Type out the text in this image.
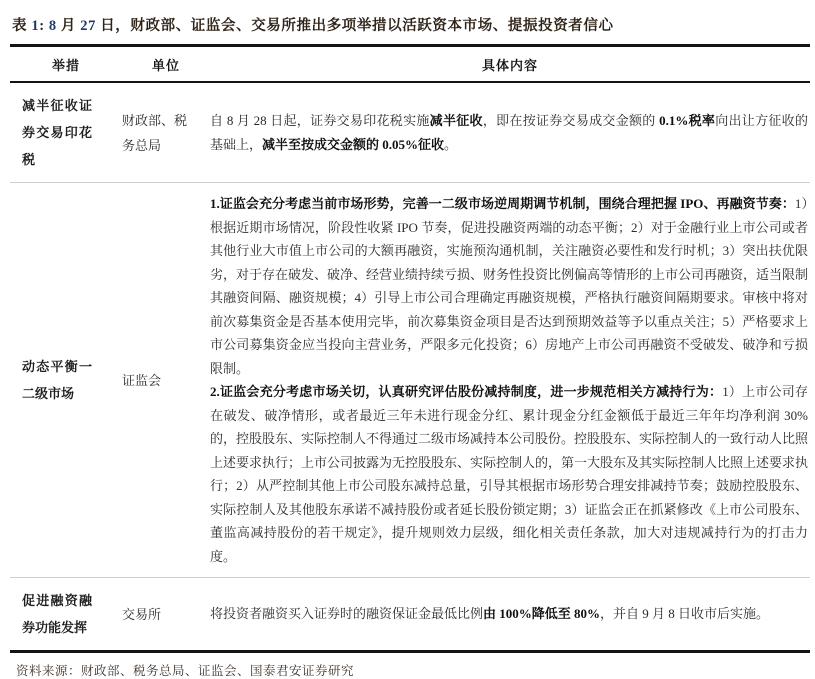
表 1: 8 月 27 日，财政部、证监会、交易所推出多项举措以活跃资本市场、提振投资者信心

举措	单位	具体内容
减半征收证券交易印花税	财政部、税务总局	自 8 月 28 日起，证券交易印花税实施减半征收，即在按证券交易成交金额的 0.1%税率向出让方征收的基础上，减半至按成交金额的 0.05%征收。

动态平衡一二级市场	证监会	1.证监会充分考虑当前市场形势，完善一二级市场逆周期调节机制，围绕合理把握 IPO、再融资节奏：1）根据近期市场情况，阶段性收紧 IPO 节奏，促进投融资两端的动态平衡；2）对于金融行业上市公司或者其他行业大市值上市公司的大额再融资，实施预沟通机制，关注融资必要性和发行时机；3）突出扶优限劣，对于存在破发、破净、经营业绩持续亏损、财务性投资比例偏高等情形的上市公司再融资，适当限制其融资间隔、融资规模；4）引导上市公司合理确定再融资规模，严格执行融资间隔期要求。审核中将对前次募集资金是否基本使用完毕，前次募集资金项目是否达到预期效益等予以重点关注；5）严格要求上市公司募集资金应当投向主营业务，严限多元化投资；6）房地产上市公司再融资不受破发、破净和亏损限制。

2.证监会充分考虑市场关切，认真研究评估股份减持制度，进一步规范相关方减持行为：1）上市公司存在破发、破净情形，或者最近三年未进行现金分红、累计现金分红金额低于最近三年年均净利润 30%的，控股股东、实际控制人不得通过二级市场减持本公司股份。控股股东、实际控制人的一致行动人比照上述要求执行；上市公司披露为无控股股东、实际控制人的，第一大股东及其实际控制人比照上述要求执行；2）从严控制其他上市公司股东减持总量，引导其根据市场形势合理安排减持节奏；鼓励控股股东、实际控制人及其他股东承诺不减持股份或者延长股份锁定期；3）证监会正在抓紧修改《上市公司股东、董监高减持股份的若干规定》，提升规则效力层级，细化相关责任条款，加大对违规减持行为的打击力度。

促进融资融券功能发挥	交易所	将投资者融资买入证券时的融资保证金最低比例由 100%降低至 80%，并自 9 月 8 日收市后实施。

资料来源：财政部、税务总局、证监会、国泰君安证券研究
